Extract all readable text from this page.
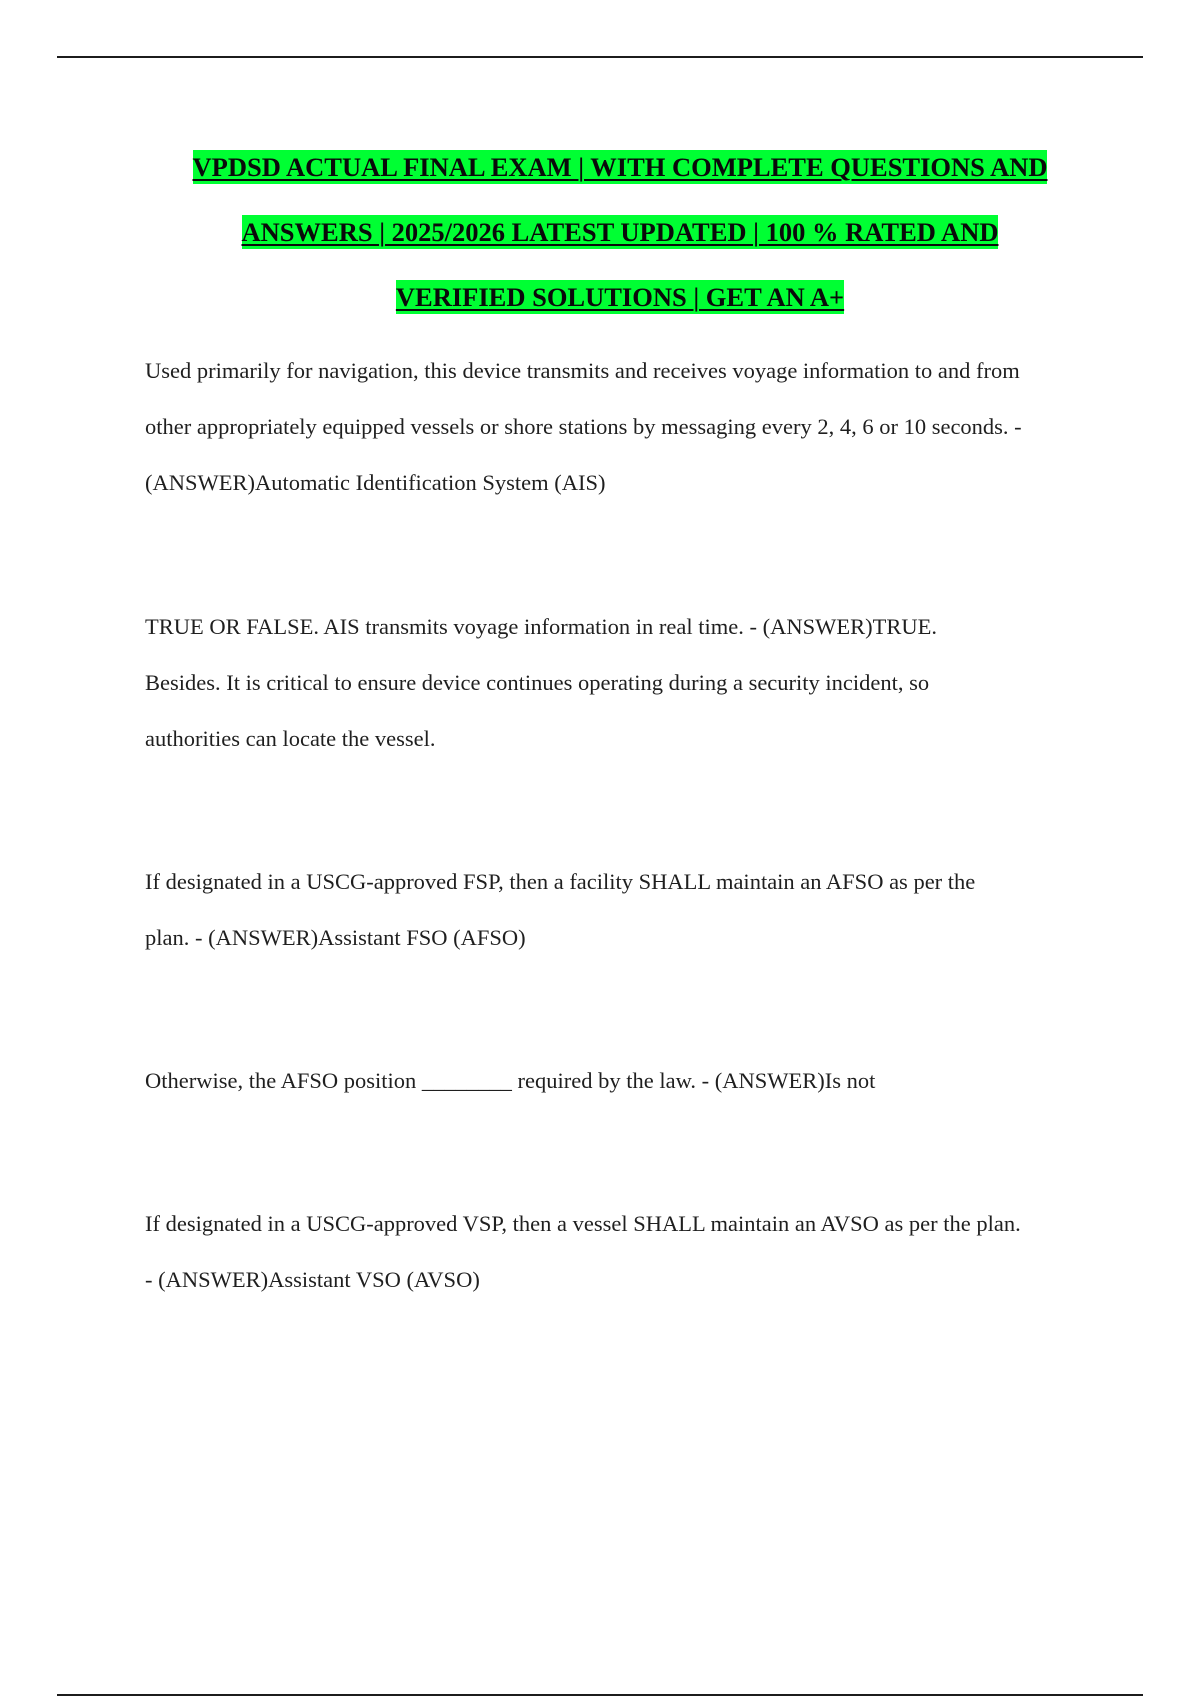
VPDSD ACTUAL FINAL EXAM | WITH COMPLETE QUESTIONS AND
ANSWERS | 2025/2026 LATEST UPDATED | 100 % RATED AND
VERIFIED SOLUTIONS | GET AN A+

Used primarily for navigation, this device transmits and receives voyage information to and from

other appropriately equipped vessels or shore stations by messaging every 2, 4, 6 or 10 seconds. -

(ANSWER)Automatic Identification System (AIS)

TRUE OR FALSE. AIS transmits voyage information in real time. - (ANSWER)TRUE.

Besides. It is critical to ensure device continues operating during a security incident, so

authorities can locate the vessel.

If designated in a USCG-approved FSP, then a facility SHALL maintain an AFSO as per the

plan. - (ANSWER)Assistant FSO (AFSO)

Otherwise, the AFSO position ________ required by the law. - (ANSWER)Is not

If designated in a USCG-approved VSP, then a vessel SHALL maintain an AVSO as per the plan.

- (ANSWER)Assistant VSO (AVSO)
